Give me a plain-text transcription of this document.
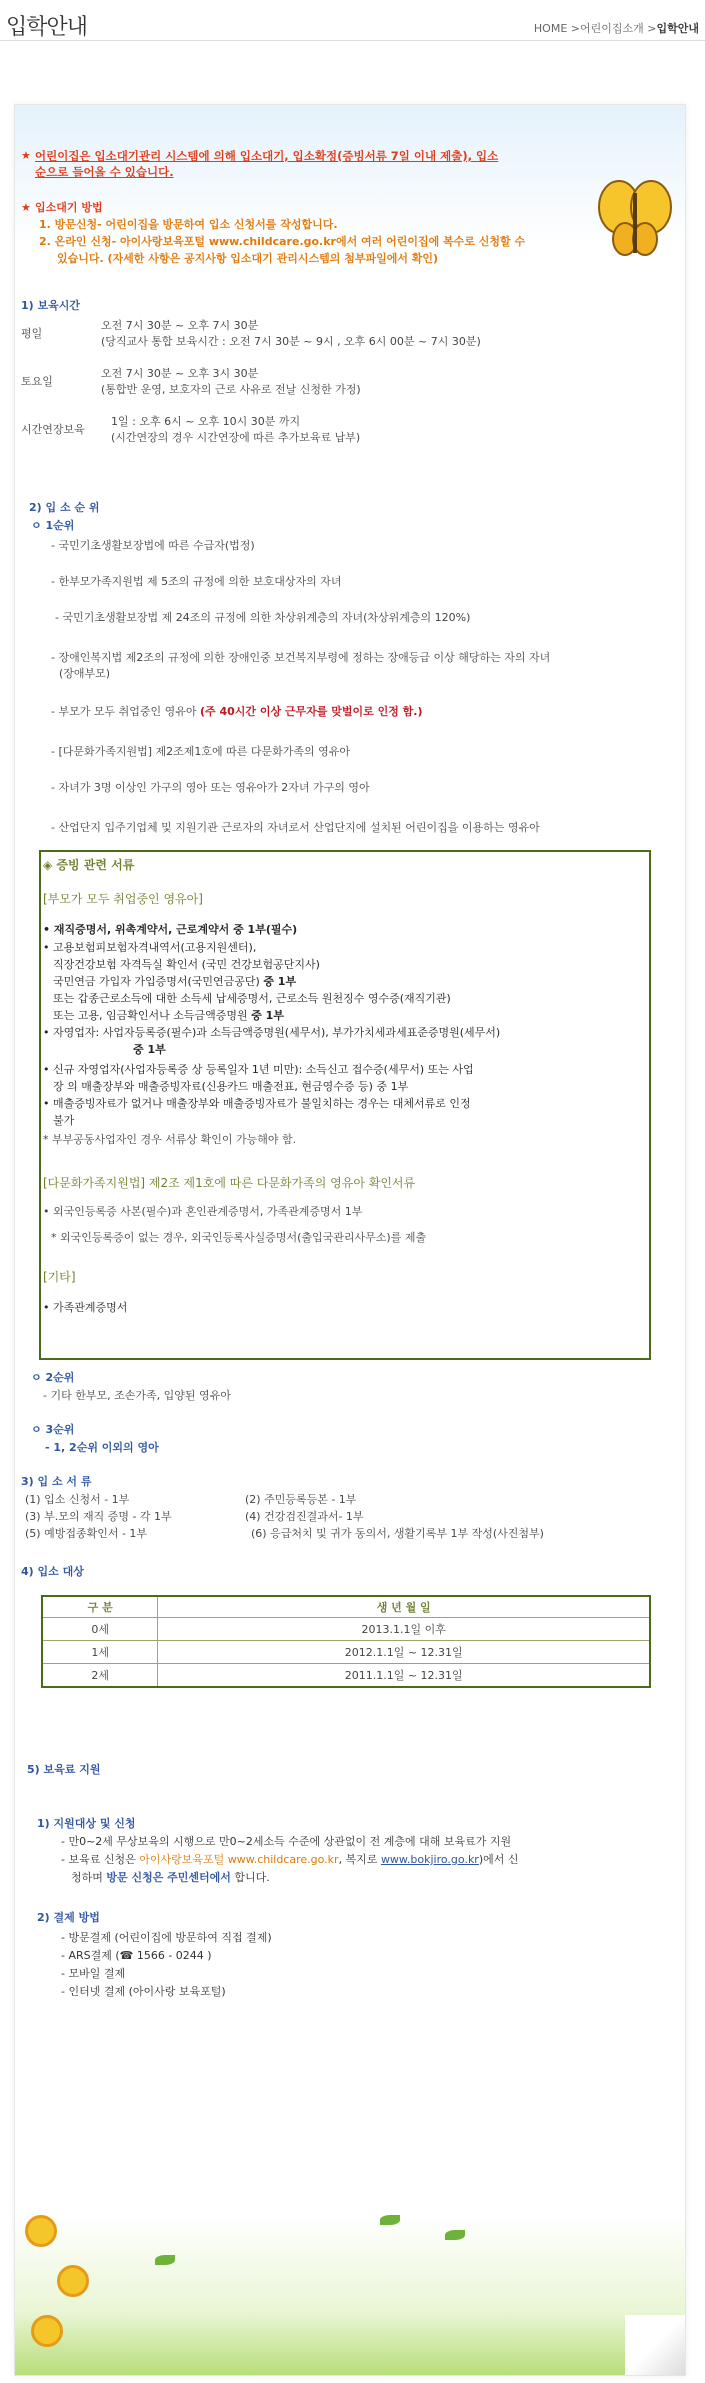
입학안내	HOME >어린이집소개 >입학안내
★ 어린이집은 입소대기관리 시스템에 의해 입소대기, 입소확정(증빙서류 7일 이내 제출), 입소
순으로 들어올 수 있습니다.
★ 입소대기 방법
1. 방문신청- 어린이집을 방문하여 입소 신청서를 작성합니다.
2. 온라인 신청- 아이사랑보육포털 www.childcare.go.kr에서 여러 어린이집에 복수로 신청할 수
있습니다. (자세한 사항은 공지사항 입소대기 관리시스템의 첨부파일에서 확인)
1) 보육시간
평일
오전 7시 30분 ~ 오후 7시 30분
(당직교사 통합 보육시간 : 오전 7시 30분 ~ 9시 , 오후 6시 00분 ~ 7시 30분)
토요일
오전 7시 30분 ~ 오후 3시 30분
(통합반 운영, 보호자의 근로 사유로 전날 신청한 가정)
시간연장보육
1일 : 오후 6시 ~ 오후 10시 30분 까지
(시간연장의 경우 시간연장에 따른 추가보육료 납부)
2) 입 소 순 위
ㅇ 1순위
- 국민기초생활보장법에 따른 수급자(법정)
- 한부모가족지원법 제 5조의 규정에 의한 보호대상자의 자녀
- 국민기초생활보장법 제 24조의 규정에 의한 차상위계층의 자녀(차상위계층의 120%)
- 장애인복지법 제2조의 규정에 의한 장애인중 보건복지부령에 정하는 장애등급 이상 해당하는 자의 자녀
(장애부모)
- 부모가 모두 취업중인 영유아 (주 40시간 이상 근무자를 맞벌이로 인정 함.)
- [다문화가족지원법] 제2조제1호에 따른 다문화가족의 영유아
- 자녀가 3명 이상인 가구의 영아 또는 영유아가 2자녀 가구의 영아
- 산업단지 입주기업체 및 지원기관 근로자의 자녀로서 산업단지에 설치된 어린이집을 이용하는 영유아
◈ 증빙 관련 서류
[부모가 모두 취업중인 영유아]
• 재직증명서, 위촉계약서, 근로계약서 중 1부(필수)
• 고용보험피보험자격내역서(고용지원센터),
직장건강보험 자격득실 확인서 (국민 건강보험공단지사)
국민연금 가입자 가입증명서(국민연금공단) 중 1부
또는 갑종근로소득에 대한 소득세 납세증명서, 근로소득 원천징수 영수증(재직기관)
또는 고용, 임금확인서나 소득금액증명원 중 1부
• 자영업자: 사업자등록증(필수)과 소득금액증명원(세무서), 부가가치세과세표준증명원(세무서)
중 1부
• 신규 자영업자(사업자등록증 상 등록일자 1년 미만): 소득신고 접수증(세무서) 또는 사업
장 의 매출장부와 매출증빙자료(신용카드 매출전표, 현금영수증 등) 중 1부
• 매출증빙자료가 없거나 매출장부와 매출증빙자료가 불일치하는 경우는 대체서류로 인정
불가
* 부부공동사업자인 경우 서류상 확인이 가능해야 함.
[다문화가족지원법] 제2조 제1호에 따른 다문화가족의 영유아 확인서류
• 외국인등록증 사본(필수)과 혼인관계증명서, 가족관계증명서 1부
* 외국인등록증이 없는 경우, 외국인등록사실증명서(출입국관리사무소)를 제출
[기타]
• 가족관계증명서
ㅇ 2순위
- 기타 한부모, 조손가족, 입양된 영유아
ㅇ 3순위
- 1, 2순위 이외의 영아
3) 입 소 서 류
(1) 입소 신청서 - 1부	(2) 주민등록등본 - 1부
(3) 부.모의 재직 증명 - 각 1부	(4) 건강검진결과서- 1부
(5) 예방접종확인서 - 1부	(6) 응급처치 및 귀가 동의서, 생활기록부 1부 작성(사진첨부)
4) 입소 대상
구 분	생 년 월 일
0세	2013.1.1일 이후
1세	2012.1.1일 ~ 12.31일
2세	2011.1.1일 ~ 12.31일
5) 보육료 지원
1) 지원대상 및 신청
- 만0~2세 무상보육의 시행으로 만0~2세소득 수준에 상관없이 전 계층에 대해 보육료가 지원
- 보육료 신청은 아이사랑보육포털 www.childcare.go.kr, 복지로 www.bokjiro.go.kr)에서 신
청하며 방문 신청은 주민센터에서 합니다.
2) 결제 방법
- 방문결제 (어린이집에 방문하여 직접 결제)
- ARS결제 (☎ 1566 - 0244 )
- 모바일 결제
- 인터넷 결제 (아이사랑 보육포털)
